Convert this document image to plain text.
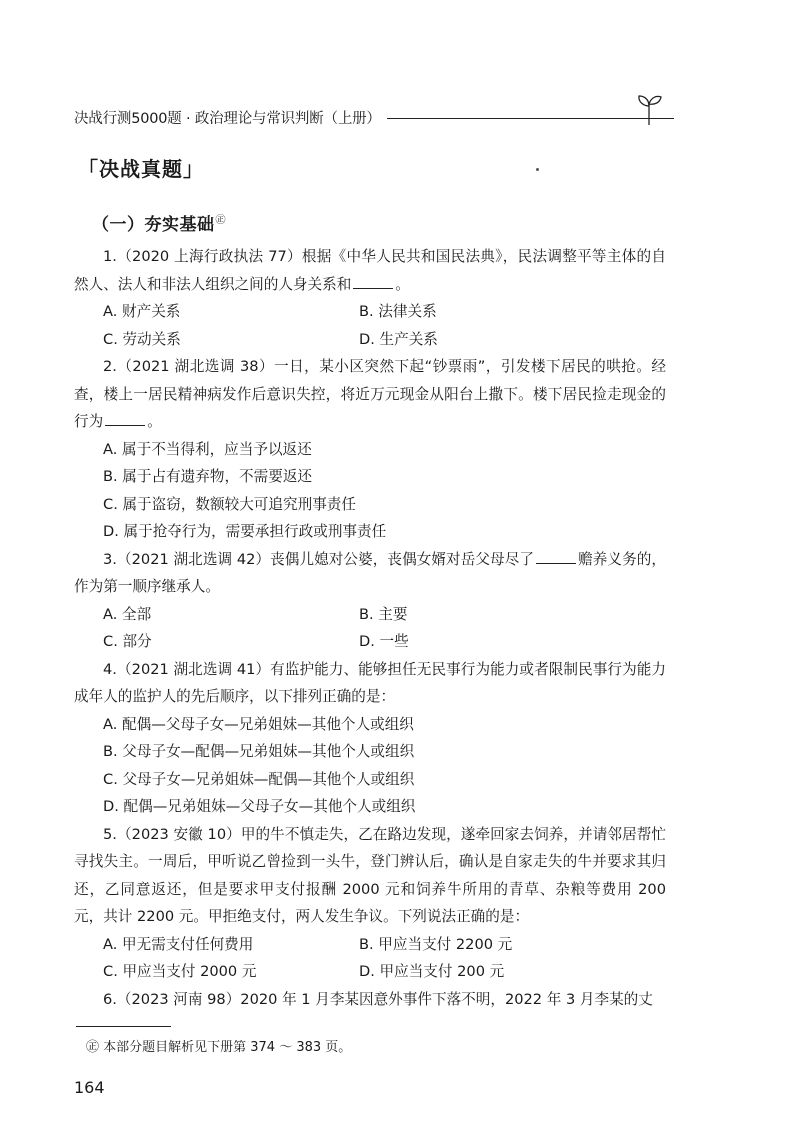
决战行测5000题 · 政治理论与常识判断（上册）
「决战真题」
（一）夯实基础㊣

1.（2020 上海行政执法 77）根据《中华人民共和国民法典》，民法调整平等主体的自然人、法人和非法人组织之间的人身关系和	。

A. 财产关系	B. 法律关系
C. 劳动关系	D. 生产关系

2.（2021 湖北选调 38）一日，某小区突然下起“钞票雨”，引发楼下居民的哄抢。经查，楼上一居民精神病发作后意识失控，将近万元现金从阳台上撒下。楼下居民捡走现金的行为	。

A. 属于不当得利，应当予以返还
B. 属于占有遗弃物，不需要返还
C. 属于盗窃，数额较大可追究刑事责任
D. 属于抢夺行为，需要承担行政或刑事责任

3.（2021 湖北选调 42）丧偶儿媳对公婆，丧偶女婿对岳父母尽了	赡养义务的，作为第一顺序继承人。

A. 全部	B. 主要
C. 部分	D. 一些

4.（2021 湖北选调 41）有监护能力、能够担任无民事行为能力或者限制民事行为能力成年人的监护人的先后顺序，以下排列正确的是：

A. 配偶—父母子女—兄弟姐妹—其他个人或组织
B. 父母子女—配偶—兄弟姐妹—其他个人或组织
C. 父母子女—兄弟姐妹—配偶—其他个人或组织
D. 配偶—兄弟姐妹—父母子女—其他个人或组织

5.（2023 安徽 10）甲的牛不慎走失，乙在路边发现，遂牵回家去饲养，并请邻居帮忙寻找失主。一周后，甲听说乙曾捡到一头牛，登门辨认后，确认是自家走失的牛并要求其归还，乙同意返还，但是要求甲支付报酬 2000 元和饲养牛所用的青草、杂粮等费用 200 元，共计 2200 元。甲拒绝支付，两人发生争议。下列说法正确的是：

A. 甲无需支付任何费用	B. 甲应当支付 2200 元
C. 甲应当支付 2000 元	D. 甲应当支付 200 元

6.（2023 河南 98）2020 年 1 月李某因意外事件下落不明，2022 年 3 月李某的丈

㊣ 本部分题目解析见下册第 374 ～ 383 页。
164
